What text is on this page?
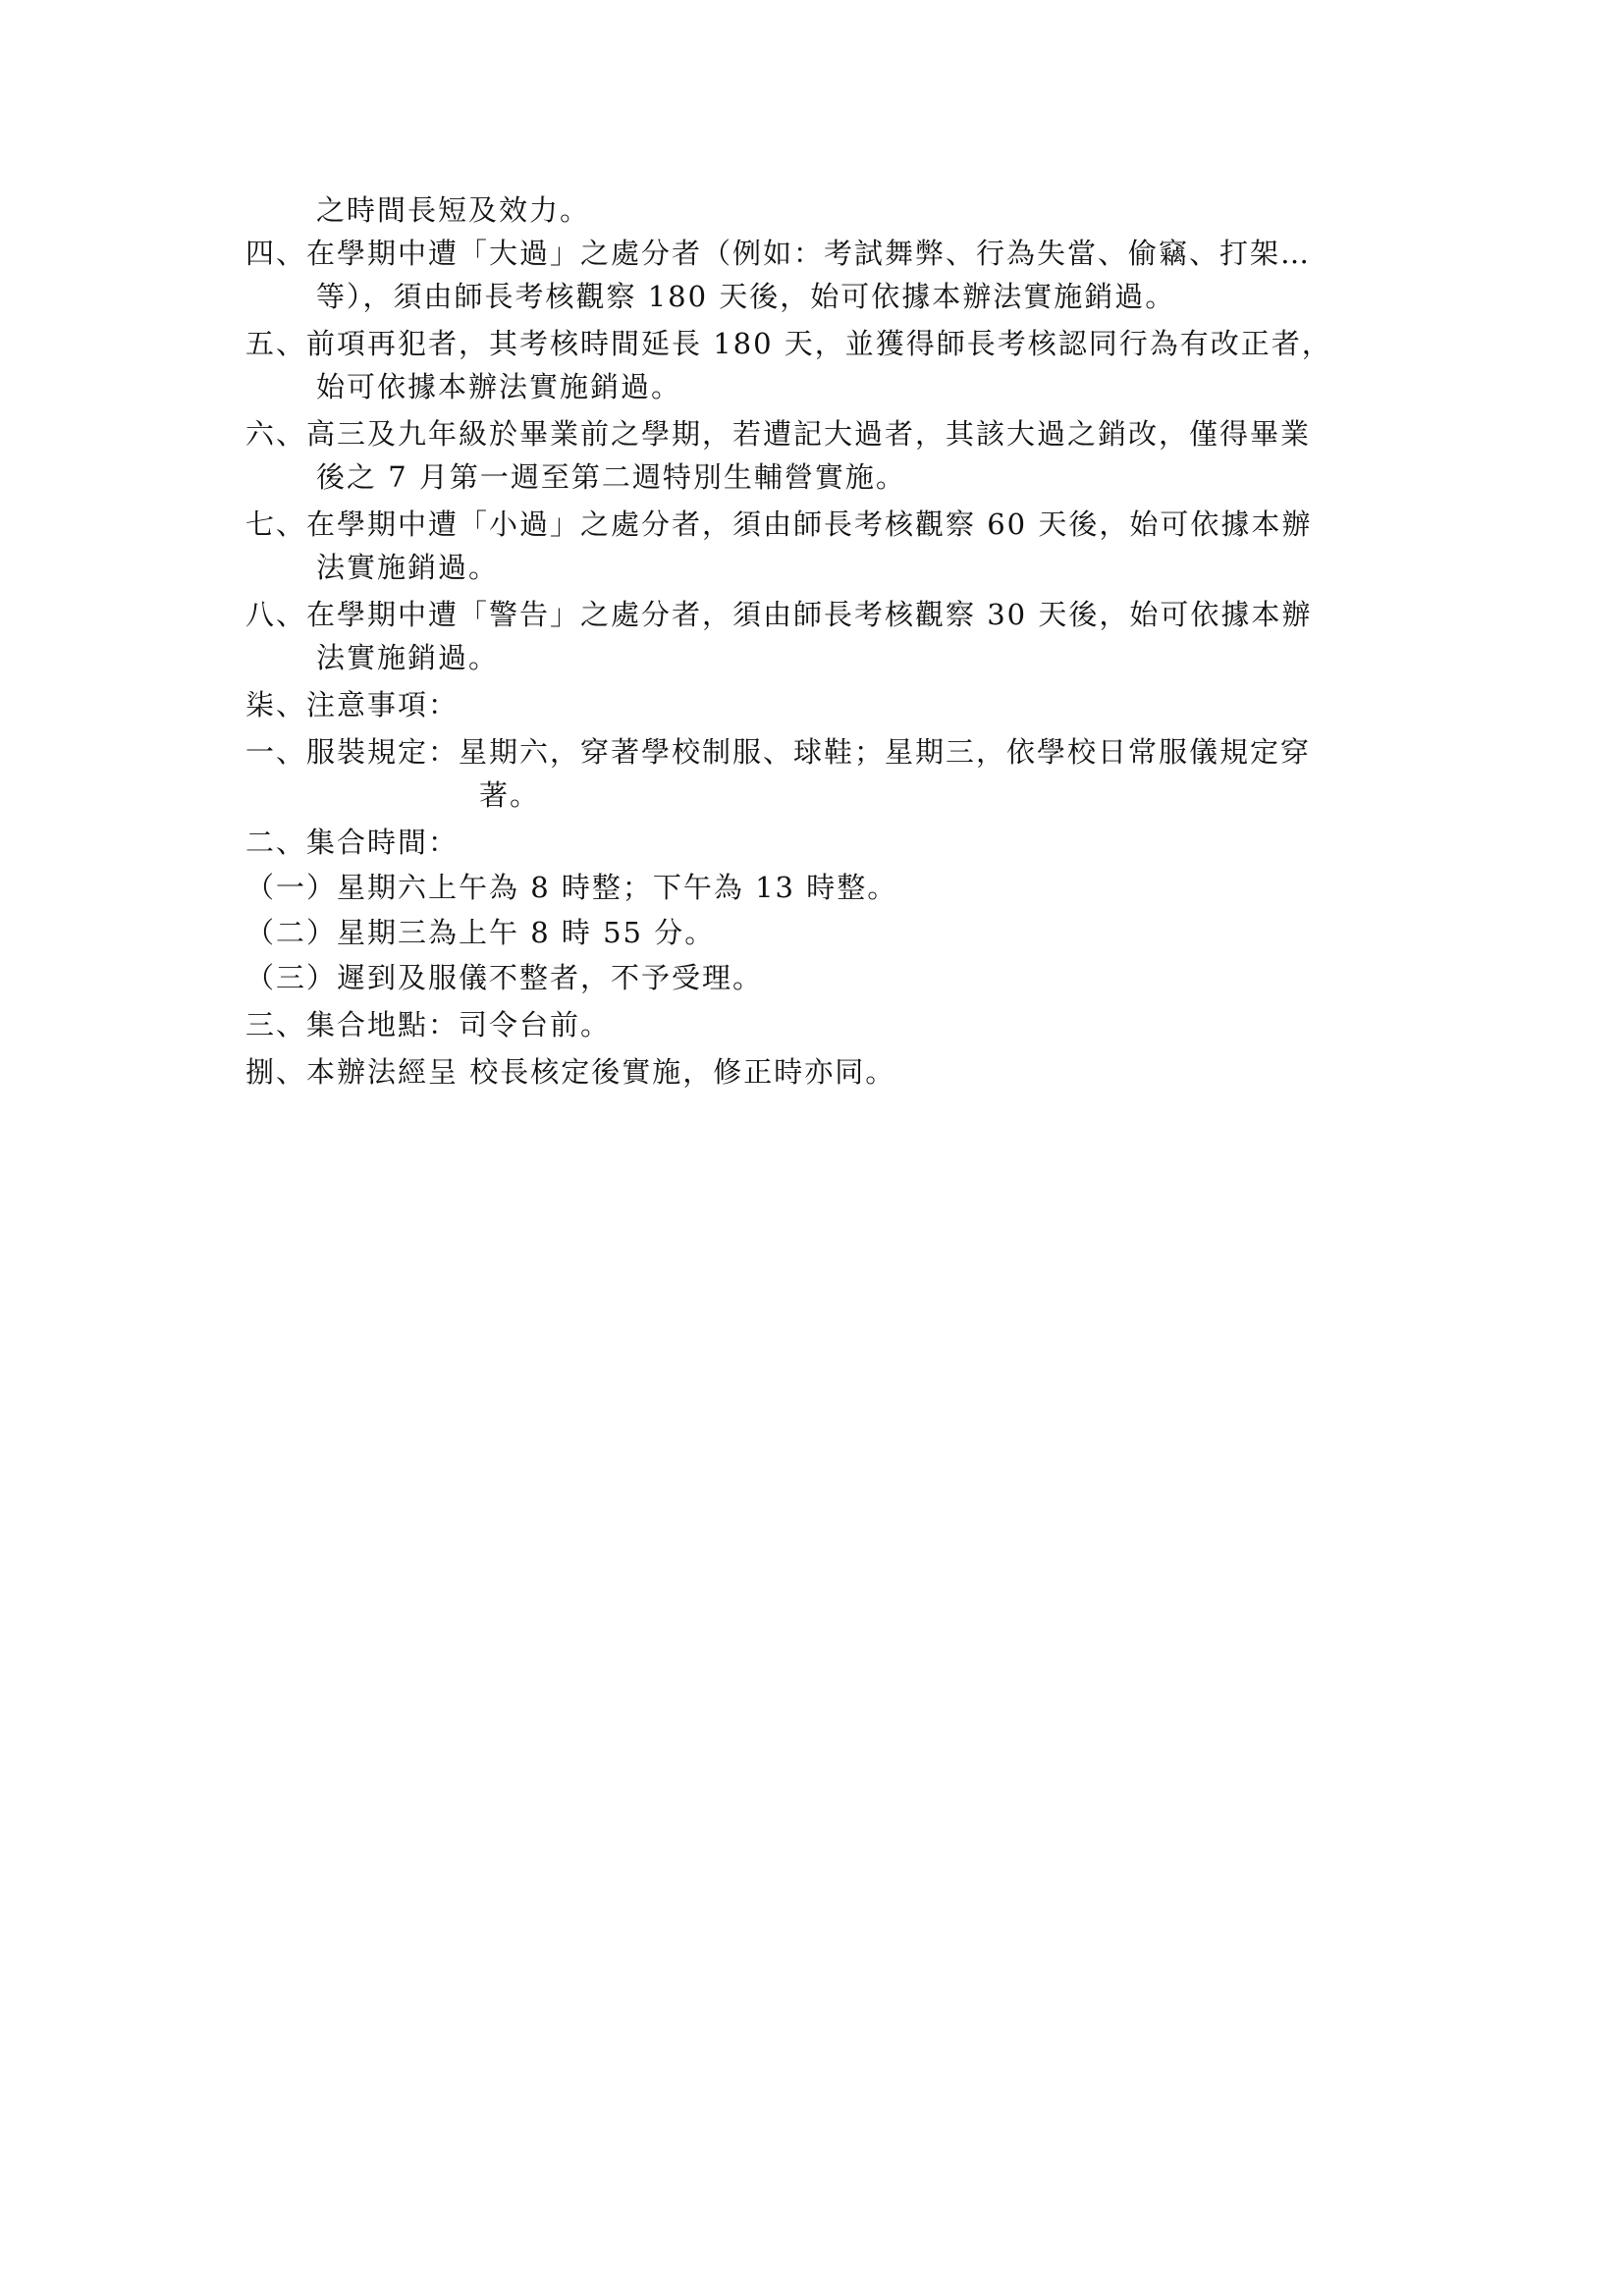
之時間長短及效力。
四、在學期中遭「大過」之處分者（例如：考試舞弊、行為失當、偷竊、打架…
等），須由師長考核觀察 180 天後，始可依據本辦法實施銷過。
五、前項再犯者，其考核時間延長 180 天，並獲得師長考核認同行為有改正者，
始可依據本辦法實施銷過。
六、高三及九年級於畢業前之學期，若遭記大過者，其該大過之銷改，僅得畢業
後之 7 月第一週至第二週特別生輔營實施。
七、在學期中遭「小過」之處分者，須由師長考核觀察 60 天後，始可依據本辦
法實施銷過。
八、在學期中遭「警告」之處分者，須由師長考核觀察 30 天後，始可依據本辦
法實施銷過。
柒、注意事項：
一、服裝規定：星期六，穿著學校制服、球鞋；星期三，依學校日常服儀規定穿
著。
二、集合時間：
（一）星期六上午為 8 時整；下午為 13 時整。
（二）星期三為上午 8 時 55 分。
（三）遲到及服儀不整者，不予受理。
三、集合地點：司令台前。
捌、本辦法經呈 校長核定後實施，修正時亦同。
